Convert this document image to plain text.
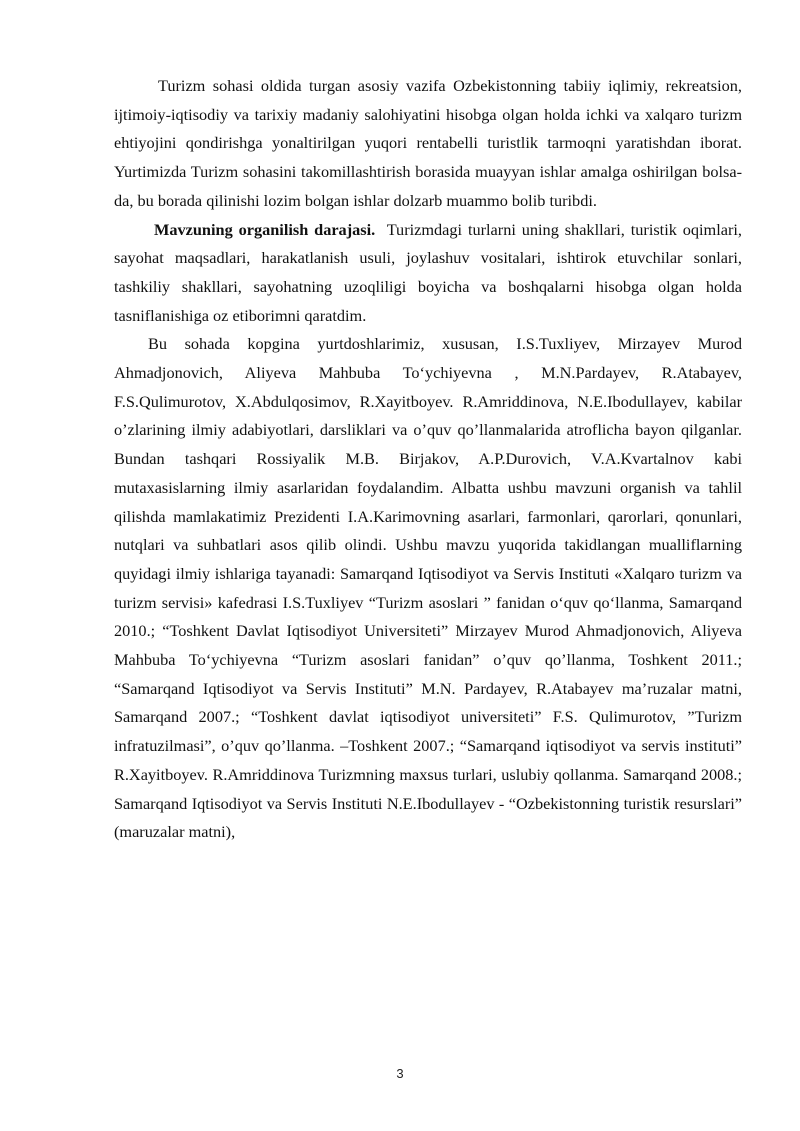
Turizm sohasi oldida turgan asosiy vazifa Ozbekistonning tabiiy iqlimiy, rekreatsion, ijtimoiy-iqtisodiy va tarixiy madaniy salohiyatini hisobga olgan holda ichki va xalqaro turizm ehtiyojini qondirishga yonaltirilgan yuqori rentabelli turistlik tarmoqni yaratishdan iborat. Yurtimizda Turizm sohasini takomillashtirish borasida muayyan ishlar amalga oshirilgan bolsa-da, bu borada qilinishi lozim bolgan ishlar dolzarb muammo bolib turibdi.

Mavzuning organilish darajasi. Turizmdagi turlarni uning shakllari, turistik oqimlari, sayohat maqsadlari, harakatlanish usuli, joylashuv vositalari, ishtirok etuvchilar sonlari, tashkiliy shakllari, sayohatning uzoqliligi boyicha va boshqalarni hisobga olgan holda tasniflanishiga oz etiborimni qaratdim.

Bu sohada kopgina yurtdoshlarimiz, xususan, I.S.Tuxliyev, Mirzayev Murod Ahmadjonovich, Aliyeva Mahbuba To‘ychiyevna , M.N.Pardayev, R.Atabayev, F.S.Qulimurotov, X.Abdulqosimov, R.Xayitboyev. R.Amriddinova, N.E.Ibodullayev, kabilar o’zlarining ilmiy adabiyotlari, darsliklari va o’quv qo’llanmalarida atroflicha bayon qilganlar. Bundan tashqari Rossiyalik M.B. Birjakov, A.P.Durovich, V.A.Kvartalnov kabi mutaxasislarning ilmiy asarlaridan foydalandim. Albatta ushbu mavzuni organish va tahlil qilishda mamlakatimiz Prezidenti I.A.Karimovning asarlari, farmonlari, qarorlari, qonunlari, nutqlari va suhbatlari asos qilib olindi. Ushbu mavzu yuqorida takidlangan mualliflarning quyidagi ilmiy ishlariga tayanadi: Samarqand Iqtisodiyot va Servis Instituti «Xalqaro turizm va turizm servisi» kafedrasi I.S.Tuxliyev “Turizm asoslari ” fanidan o‘quv qo‘llanma, Samarqand 2010.; “Toshkent Davlat Iqtisodiyot Universiteti” Mirzayev Murod Ahmadjonovich, Aliyeva Mahbuba To‘ychiyevna “Turizm asoslari fanidan” o’quv qo’llanma, Toshkent 2011.; “Samarqand Iqtisodiyot va Servis Instituti” M.N. Pardayev, R.Atabayev ma’ruzalar matni, Samarqand 2007.; “Toshkent davlat iqtisodiyot universiteti” F.S. Qulimurotov, ”Turizm infratuzilmasi”, o’quv qo’llanma. –Toshkent 2007.; “Samarqand iqtisodiyot va servis instituti” R.Xayitboyev. R.Amriddinova Turizmning maxsus turlari, uslubiy qollanma. Samarqand 2008.; Samarqand Iqtisodiyot va Servis Instituti N.E.Ibodullayev - “Ozbekistonning turistik resurslari” (maruzalar matni),

3
